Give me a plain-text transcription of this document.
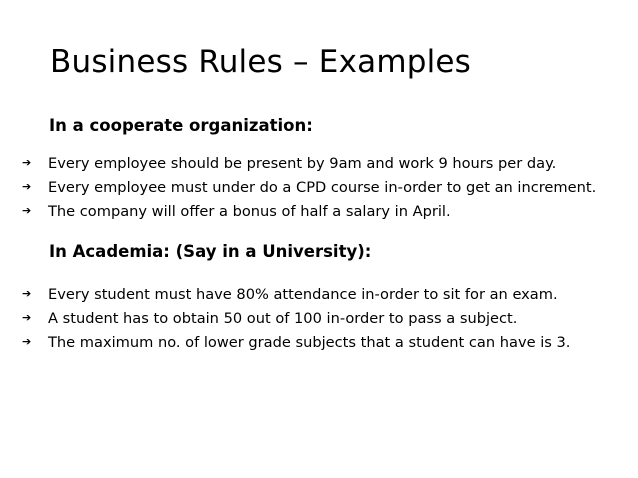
Business Rules – Examples
In a cooperate organization:
➔	Every employee should be present by 9am and work 9 hours per day.
➔	Every employee must under do a CPD course in-order to get an increment.
➔	The company will offer a bonus of half a salary in April.
In Academia: (Say in a University):
➔	Every student must have 80% attendance in-order to sit for an exam.
➔	A student has to obtain 50 out of 100 in-order to pass a subject.
➔	The maximum no. of lower grade subjects that a student can have is 3.
